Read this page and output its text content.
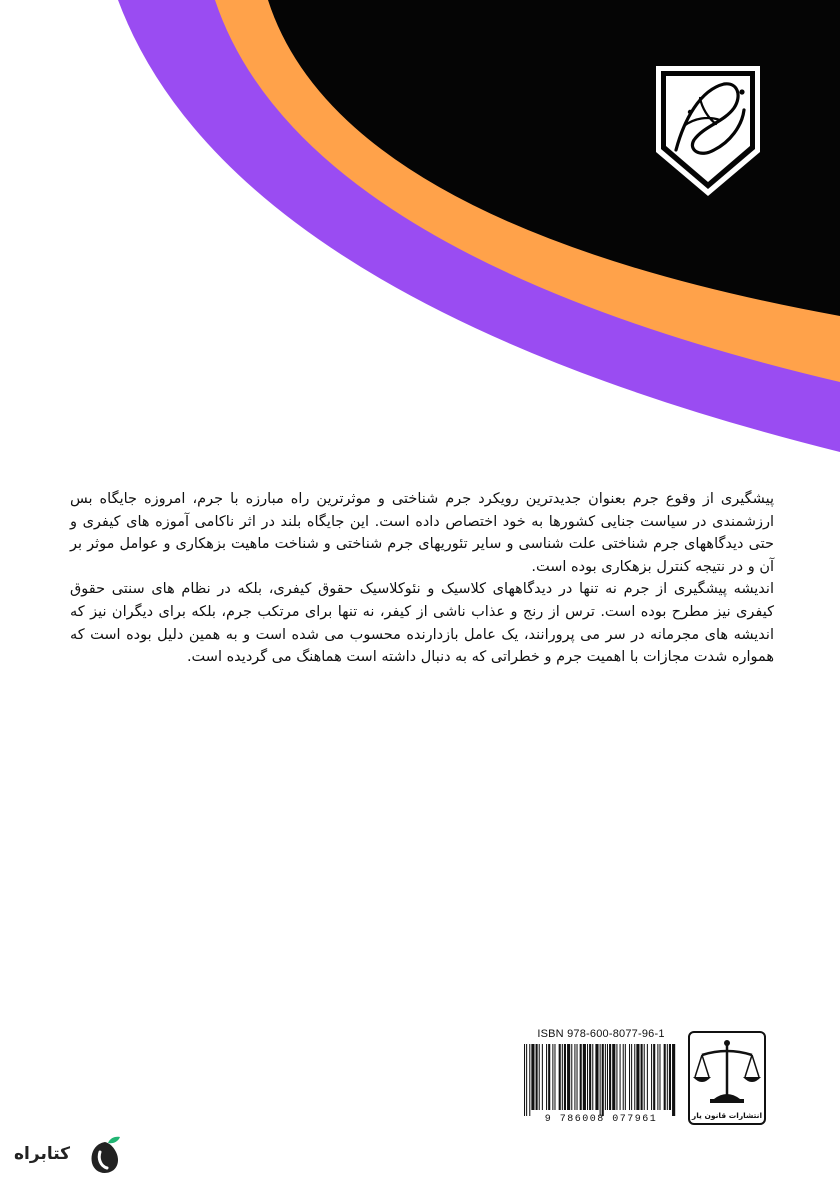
پیشگیری از وقوع جرم بعنوان جدیدترین رویکرد جرم شناختی و موثرترین راه مبارزه با جرم، امروزه جایگاه بس ارزشمندی در سیاست جنایی کشورها به خود اختصاص داده است. این جایگاه بلند در اثر ناکامی آموزه های کیفری و حتی دیدگاههای جرم شناختی علت شناسی و سایر تئوریهای جرم شناختی و شناخت ماهیت بزهکاری و عوامل موثر بر آن و در نتیجه کنترل بزهکاری بوده است.

اندیشه پیشگیری از جرم نه تنها در دیدگاههای کلاسیک و نئوکلاسیک حقوق کیفری، بلکه در نظام های سنتی حقوق کیفری نیز مطرح بوده است. ترس از رنج و عذاب ناشی از کیفر، نه تنها برای مرتکب جرم، بلکه برای دیگران نیز که اندیشه های مجرمانه در سر می پرورانند، یک عامل بازدارنده محسوب می شده است و به همین دلیل بوده است که همواره شدت مجازات با اهمیت جرم و خطراتی که به دنبال داشته است هماهنگ می گردیده است.

ISBN 978-600-8077-96-1
9 786008 077961	انتشارات قانون یار
کتابراه
